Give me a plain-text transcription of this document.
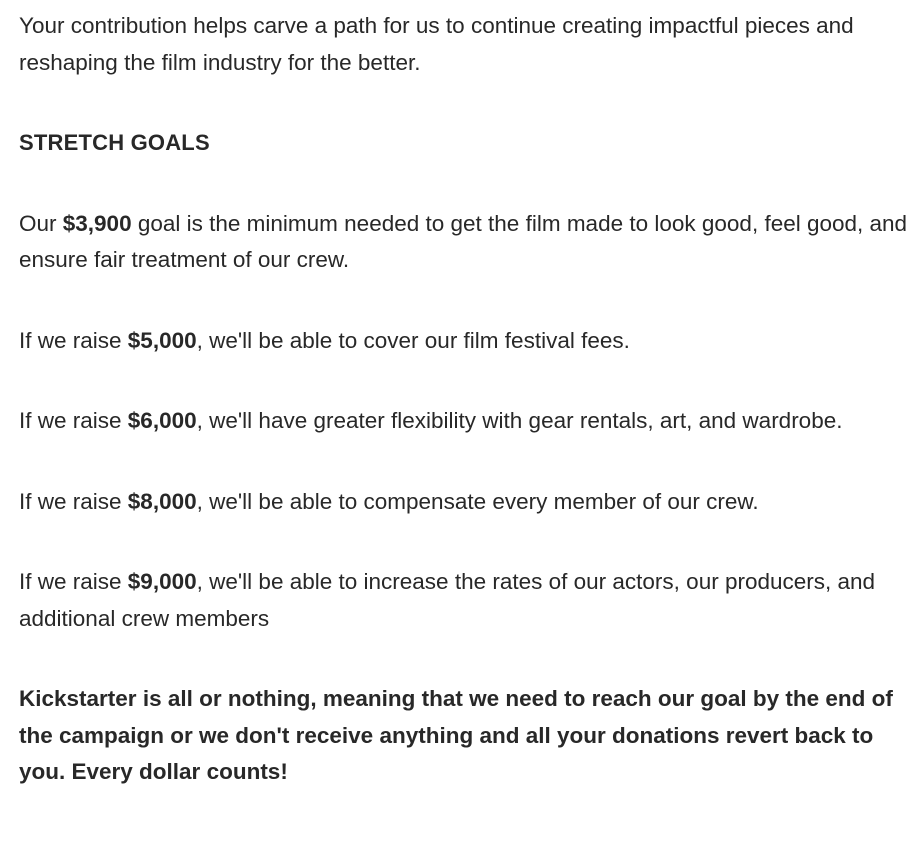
Your contribution helps carve a path for us to continue creating impactful pieces and reshaping the film industry for the better.

STRETCH GOALS

Our $3,900 goal is the minimum needed to get the film made to look good, feel good, and ensure fair treatment of our crew.

If we raise $5,000, we'll be able to cover our film festival fees.

If we raise $6,000, we'll have greater flexibility with gear rentals, art, and wardrobe.

If we raise $8,000, we'll be able to compensate every member of our crew.

If we raise $9,000, we'll be able to increase the rates of our actors, our producers, and additional crew members

Kickstarter is all or nothing, meaning that we need to reach our goal by the end of the campaign or we don't receive anything and all your donations revert back to you. Every dollar counts!
